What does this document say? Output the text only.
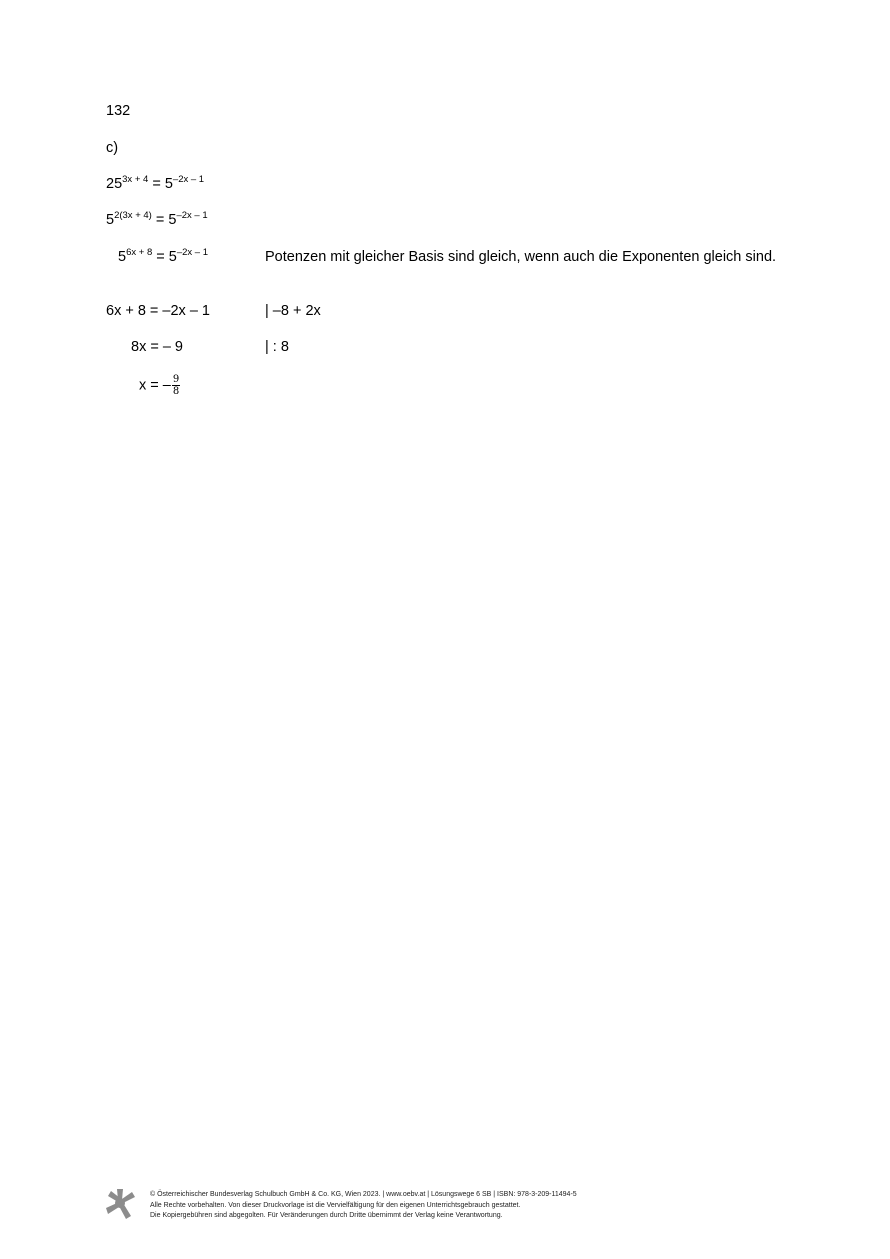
132
c)
$25^{3x + 4} = 5^{-2x - 1}$
$5^{2(3x + 4)} = 5^{-2x - 1}$
$5^{6x + 8} = 5^{-2x - 1}$	Potenzen mit gleicher Basis sind gleich, wenn auch die Exponenten gleich sind.
6x + 8 = –2x – 1	| –8 + 2x
8x = – 9	| : 8
x = – $\frac{9}{8}$
© Österreichischer Bundesverlag Schulbuch GmbH & Co. KG, Wien 2023. | www.oebv.at | Lösungswege 6 SB | ISBN: 978-3-209-11494-5
Alle Rechte vorbehalten. Von dieser Druckvorlage ist die Vervielfältigung für den eigenen Unterrichtsgebrauch gestattet.
Die Kopiergebühren sind abgegolten. Für Veränderungen durch Dritte übernimmt der Verlag keine Verantwortung.
